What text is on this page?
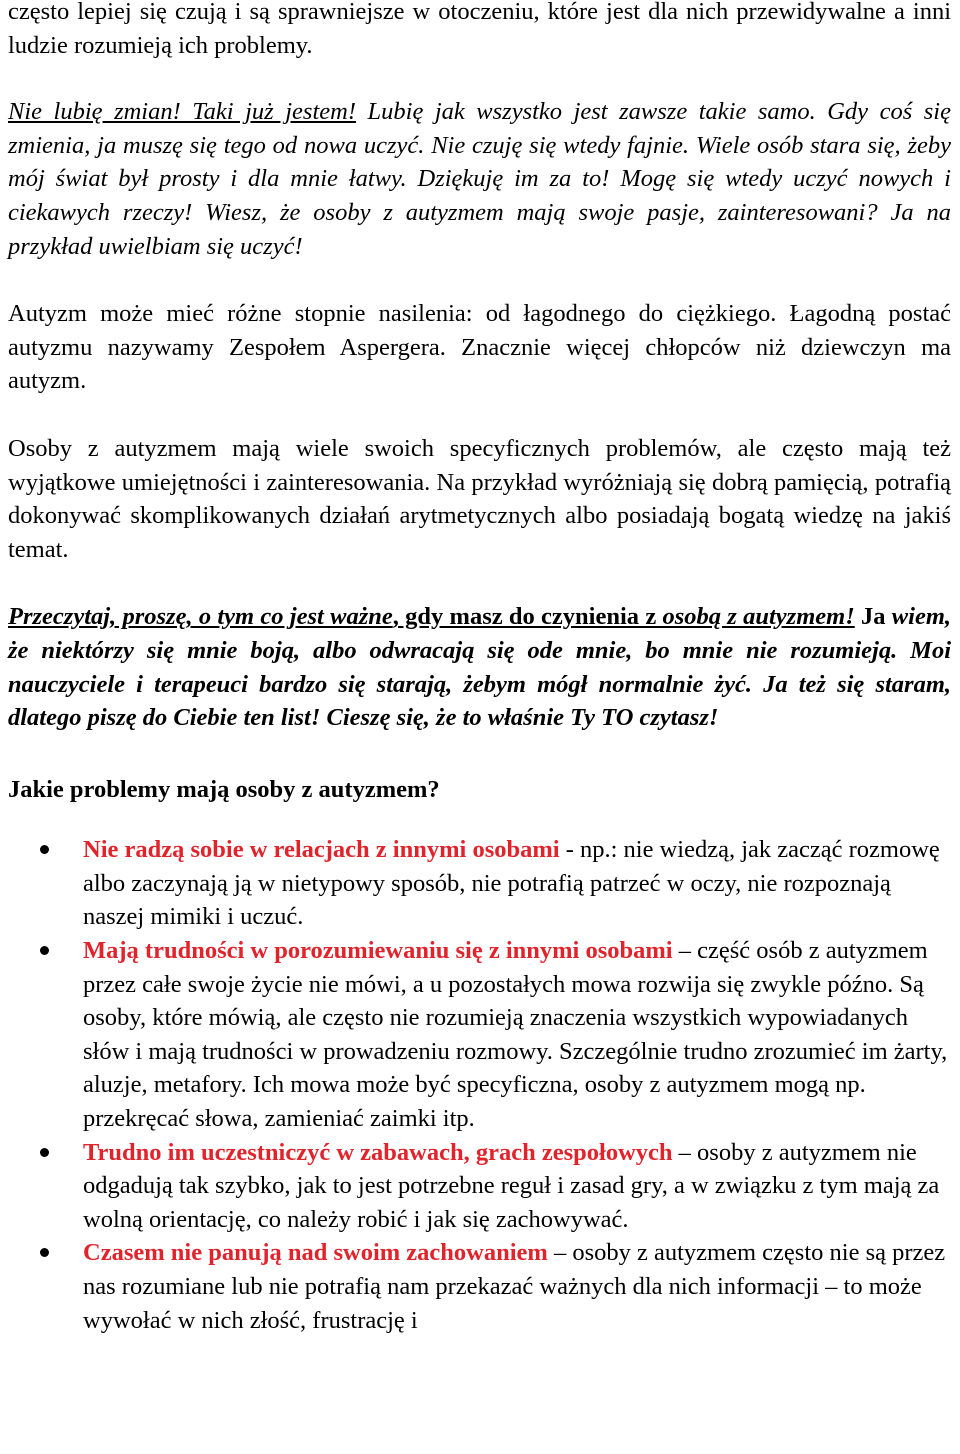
często lepiej się czują i są sprawniejsze w otoczeniu, które jest dla nich przewidywalne a inni ludzie rozumieją ich problemy.

Nie lubię zmian! Taki już jestem! Lubię jak wszystko jest zawsze takie samo. Gdy coś się zmienia, ja muszę się tego od nowa uczyć. Nie czuję się wtedy fajnie. Wiele osób stara się, żeby mój świat był prosty i dla mnie łatwy. Dziękuję im za to! Mogę się wtedy uczyć nowych i ciekawych rzeczy! Wiesz, że osoby z autyzmem mają swoje pasje, zainteresowani? Ja na przykład uwielbiam się uczyć!

Autyzm może mieć różne stopnie nasilenia: od łagodnego do ciężkiego. Łagodną postać autyzmu nazywamy Zespołem Aspergera. Znacznie więcej chłopców niż dziewczyn ma autyzm.

Osoby z autyzmem mają wiele swoich specyficznych problemów, ale często mają też wyjątkowe umiejętności i zainteresowania. Na przykład wyróżniają się dobrą pamięcią, potrafią dokonywać skomplikowanych działań arytmetycznych albo posiadają bogatą wiedzę na jakiś temat.

Przeczytaj, proszę, o tym co jest ważne, gdy masz do czynienia z osobą z autyzmem! Ja wiem, że niektórzy się mnie boją, albo odwracają się ode mnie, bo mnie nie rozumieją. Moi nauczyciele i terapeuci bardzo się starają, żebym mógł normalnie żyć. Ja też się staram, dlatego piszę do Ciebie ten list! Cieszę się, że to właśnie Ty TO czytasz!

Jakie problemy mają osoby z autyzmem?

Nie radzą sobie w relacjach z innymi osobami - np.: nie wiedzą, jak zacząć rozmowę albo zaczynają ją w nietypowy sposób, nie potrafią patrzeć w oczy, nie rozpoznają naszej mimiki i uczuć.
Mają trudności w porozumiewaniu się z innymi osobami – część osób z autyzmem przez całe swoje życie nie mówi, a u pozostałych mowa rozwija się zwykle późno. Są osoby, które mówią, ale często nie rozumieją znaczenia wszystkich wypowiadanych słów i mają trudności w prowadzeniu rozmowy. Szczególnie trudno zrozumieć im żarty, aluzje, metafory. Ich mowa może być specyficzna, osoby z autyzmem mogą np. przekręcać słowa, zamieniać zaimki itp.
Trudno im uczestniczyć w zabawach, grach zespołowych – osoby z autyzmem nie odgadują tak szybko, jak to jest potrzebne reguł i zasad gry, a w związku z tym mają za wolną orientację, co należy robić i jak się zachowywać.
Czasem nie panują nad swoim zachowaniem – osoby z autyzmem często nie są przez nas rozumiane lub nie potrafią nam przekazać ważnych dla nich informacji – to może wywołać w nich złość, frustrację i
